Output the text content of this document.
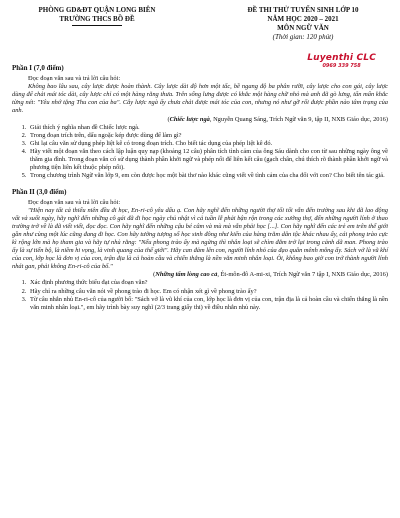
PHÒNG GD&ĐT QUẬN LONG BIÊN
TRƯỜNG THCS BỒ ĐỀ
ĐỀ THI THỬ TUYỂN SINH LỚP 10
NĂM HỌC 2020 – 2021
MÔN NGỮ VĂN
(Thời gian: 120 phút)
Luyenthi CLC
0969 339 758
Phần I (7,0 điểm)

Đọc đoạn văn sau và trả lời câu hỏi:

Không bao lâu sau, cây lược được hoàn thành. Cây lược dài độ hơn một tấc, bề ngang độ ba phân rưỡi, cây lược cho con gái, cây lược dùng để chải mái tóc dài, cây lược chỉ có một hàng răng thưa. Trên sống lưng được có khắc một hàng chữ nhỏ mà anh đã gò lưng, tẩn mẩn khắc từng nét: "Yêu nhớ tặng Thu con của ba". Cây lược ngà ấy chưa chải được mái tóc của con, nhưng nó như gỡ rối được phần nào tâm trạng của anh.

(Chiếc lược ngà, Nguyễn Quang Sáng, Trích Ngữ văn 9, tập II, NXB Giáo dục, 2016)

1. Giải thích ý nghĩa nhan đề Chiếc lược ngà.
2. Trong đoạn trích trên, dấu ngoặc kép được dùng để làm gì?
3. Ghi lại câu văn sử dụng phép liệt kê có trong đoạn trích. Cho biết tác dụng của phép liệt kê đó.
4. Hãy viết một đoạn văn theo cách lập luận quy nạp (khoảng 12 câu) phân tích tình cảm của ông Sáu dành cho con từ sau những ngày ông về thăm gia đình. Trong đoạn văn có sử dụng thành phần khởi ngữ và phép nối để liên kết câu (gạch chân, chú thích rõ thành phần khởi ngữ và phương tiện liên kết thuộc phép nối).
5. Trong chương trình Ngữ văn lớp 9, em còn được học một bài thơ nào khác cũng viết về tình cảm của cha đối với con? Cho biết tên tác giả.
Phần II (3,0 điểm)

Đọc đoạn văn sau và trả lời câu hỏi:

"Hiện nay tất cả thiếu niên đều đi học, En-ri-cô yêu dấu ạ. Con hãy nghĩ đến những người thợ tối tối vẫn đến trường sau khi đã lao động vất vả suốt ngày, hãy nghĩ đến những cô gái đã đi học ngày chủ nhật vì cả tuần lễ phải bận rộn trong các xưởng thợ, đến những người lính ở thao trường trở về là đã viết viết, đọc đọc. Con hãy nghĩ đến những cậu bé câm và mù mà vẫn phải học [...]. Con hãy nghĩ đến các trẻ em trên thế giới gần như cùng một lúc cũng đang đi học. Con hãy tưởng tượng số học sinh đông như kiến của hàng trăm dân tộc khác nhau ấy, cái phong trào cực kì rộng lớn mà họ tham gia và hãy tự nhủ rằng: "Nếu phong trào ấy mà ngừng thì nhân loại sẽ chìm đắm trở lại trong cảnh dã man. Phong trào ấy là sự tiến bộ, là niềm hi vọng, là vinh quang của thế giới". Hãy can đảm lên con, người lính nhỏ của đạo quân mênh mông ấy. Sách vở là vũ khí của con, lớp học là đơn vị của con, trận địa là cả hoàn cầu và chiến thắng là nền văn minh nhân loại. Ôi, không bao giờ con trở thành người lính nhát gan, phải không En-ri-cô của bố."

(Những tấm lòng cao cả, Ét-môn-đô A-mi-xi, Trích Ngữ văn 7 tập I, NXB Giáo dục, 2016)

1. Xác định phương thức biểu đạt của đoạn văn?
2. Hãy chỉ ra những câu văn nói về phong trào đi học. Em có nhận xét gì về phong trào ấy?
3. Từ câu nhắn nhủ En-ri-cô của người bố: "Sách vở là vũ khí của con, lớp học là đơn vị của con, trận địa là cả hoàn cầu và chiến thắng là nền văn minh nhân loại.", em hãy trình bày suy nghĩ (2/3 trang giấy thi) về điều nhắn nhủ này.
